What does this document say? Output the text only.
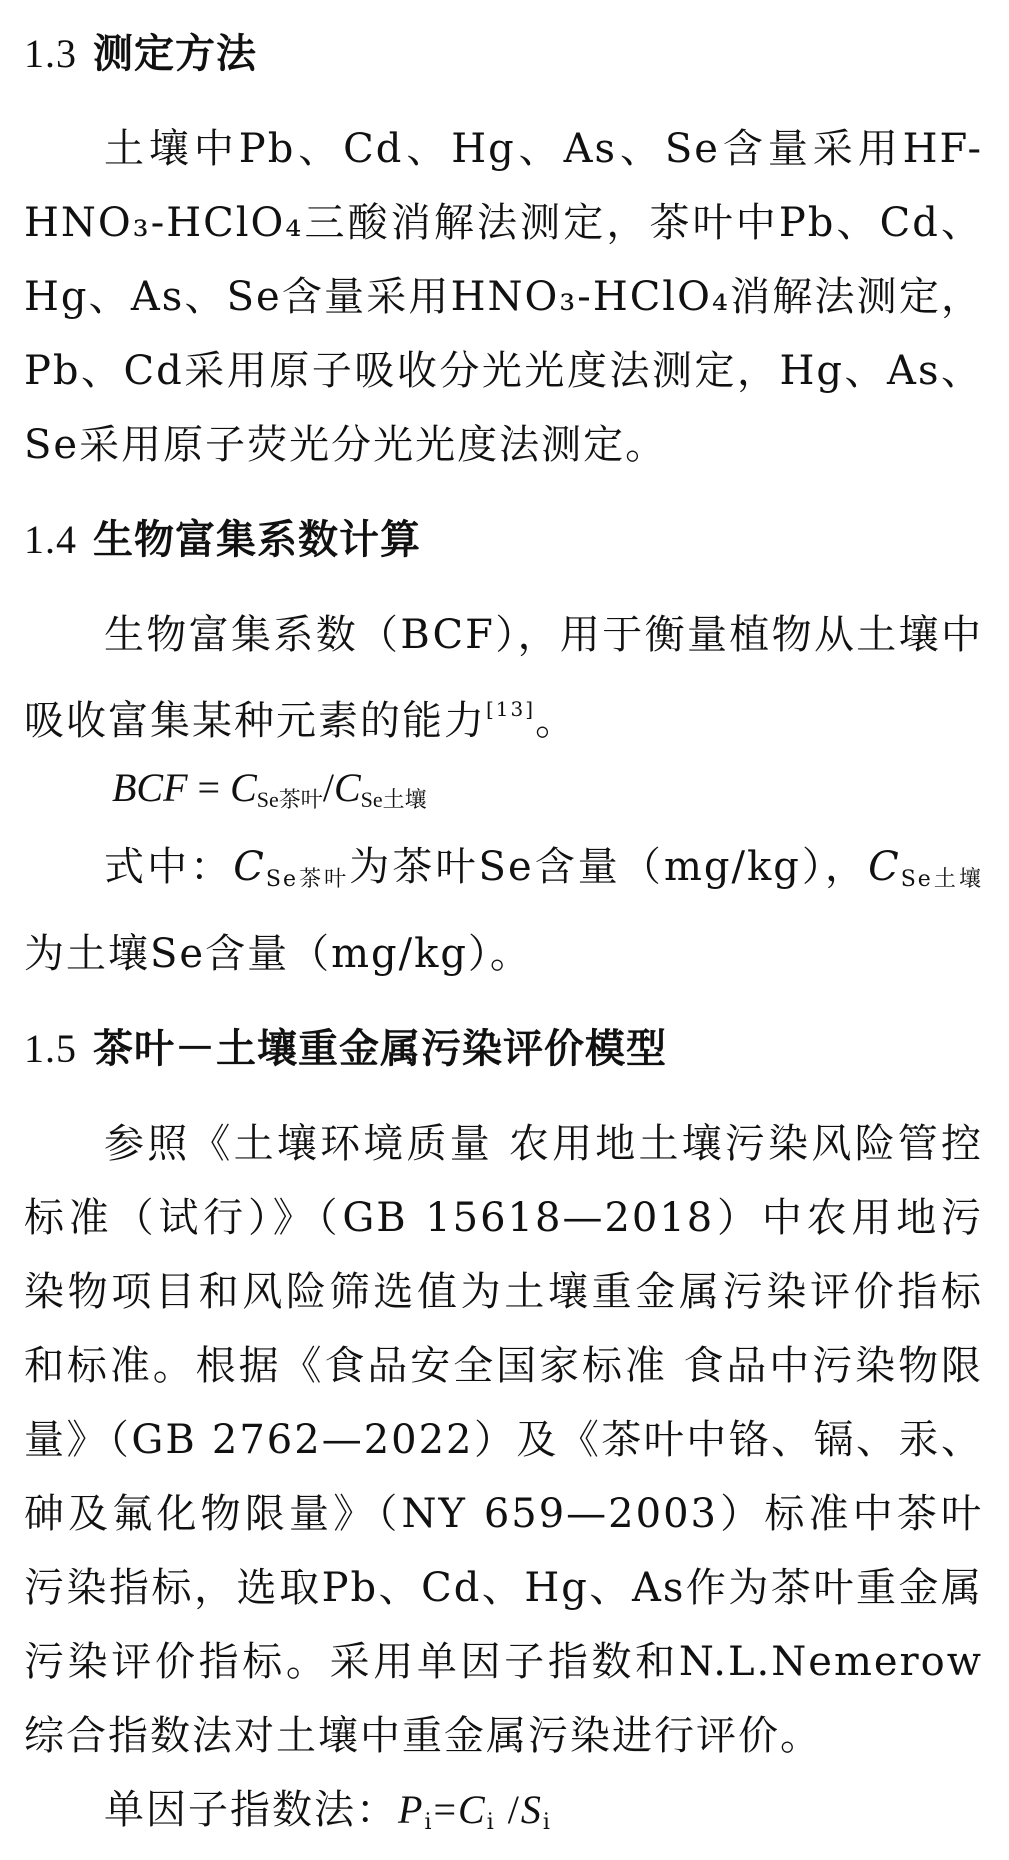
1.3 测定方法

土壤中Pb、Cd、Hg、As、Se含量采用HF-HNO₃-HClO₄三酸消解法测定，茶叶中Pb、Cd、Hg、As、Se含量采用HNO₃-HClO₄消解法测定，Pb、Cd采用原子吸收分光光度法测定，Hg、As、Se采用原子荧光分光光度法测定。

1.4 生物富集系数计算

生物富集系数（BCF），用于衡量植物从土壤中吸收富集某种元素的能力[13]。

BCF = $C_{Se茶叶}/C_{Se土壤}$

式中：$C_{Se茶叶}$为茶叶Se含量（mg/kg），$C_{Se土壤}$为土壤Se含量（mg/kg）。

1.5 茶叶－土壤重金属污染评价模型

参照《土壤环境质量 农用地土壤污染风险管控标准（试行）》（GB 15618—2018）中农用地污染物项目和风险筛选值为土壤重金属污染评价指标和标准。根据《食品安全国家标准 食品中污染物限量》（GB 2762—2022）及《茶叶中铬、镉、汞、砷及氟化物限量》（NY 659—2003）标准中茶叶污染指标，选取Pb、Cd、Hg、As作为茶叶重金属污染评价指标。采用单因子指数和N.L.Nemerow综合指数法对土壤中重金属污染进行评价。

单因子指数法：$P_i=C_i$ $/S_i$
